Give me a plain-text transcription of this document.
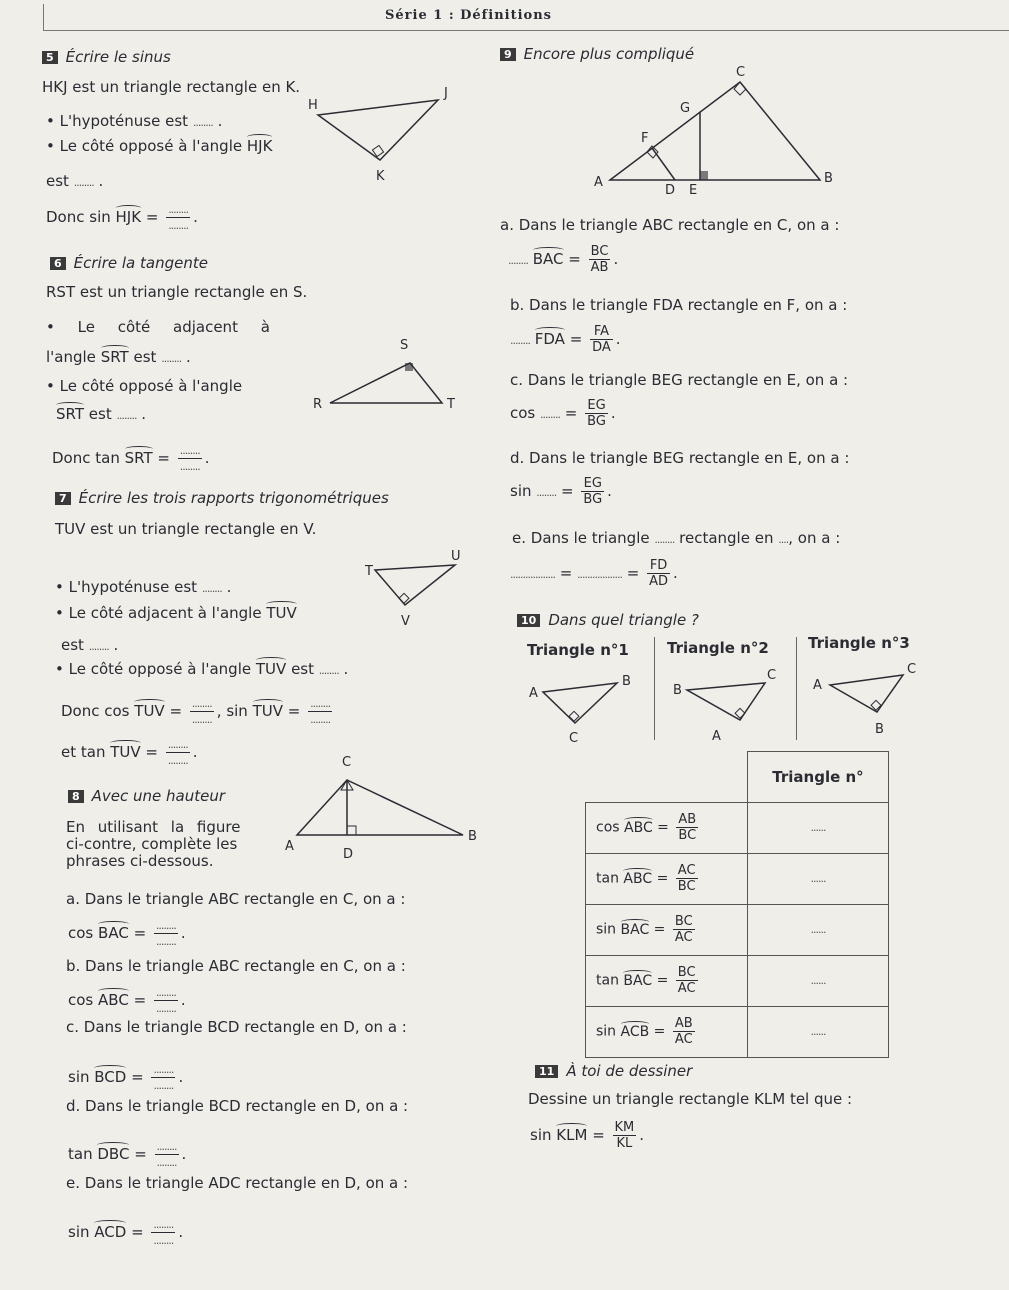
Série 1 : Définitions
5 Écrire le sinus
HKJ est un triangle rectangle en K.
• L'hypoténuse est ........ .
• Le côté opposé à l'angle HJK
est ........ .
Donc sin HJK = $\frac{........}{........}$ .
H
J
K
6 Écrire la tangente
RST est un triangle rectangle en S.
• Le côté adjacent à
l'angle SRT est ........ .
• Le côté opposé à l'angle
SRT est ........ .
Donc tan SRT = $\frac{........}{........}$ .
S
R	T
7 Écrire les trois rapports trigonométriques
TUV est un triangle rectangle en V.
• L'hypoténuse est ........ .
• Le côté adjacent à l'angle TUV
est ........ .
• Le côté opposé à l'angle TUV est ........ .
Donc cos TUV = $\frac{........}{........}$ , sin TUV = $\frac{........}{........}$
et tan TUV = $\frac{........}{........}$ .
T
U
V
8 Avec une hauteur
En utilisant la figure
ci-contre, complète les
phrases ci-dessous.
C
A
D
B
a. Dans le triangle ABC rectangle en C, on a :
cos BAC = $\frac{........}{........}$ .
b. Dans le triangle ABC rectangle en C, on a :
cos ABC = $\frac{........}{........}$ .
c. Dans le triangle BCD rectangle en D, on a :
sin BCD = $\frac{........}{........}$ .
d. Dans le triangle BCD rectangle en D, on a :
tan DBC = $\frac{........}{........}$ .
e. Dans le triangle ADC rectangle en D, on a :
sin ACD = $\frac{........}{........}$ .
9 Encore plus compliqué
C
G
F
A
D E
B
a. Dans le triangle ABC rectangle en C, on a :
........ BAC = $\frac{BC}{AB}$ .
b. Dans le triangle FDA rectangle en F, on a :
........ FDA = $\frac{FA}{DA}$ .
c. Dans le triangle BEG rectangle en E, on a :
cos ........ = $\frac{EG}{BG}$ .
d. Dans le triangle BEG rectangle en E, on a :
sin ........ = $\frac{EG}{BG}$ .
e. Dans le triangle ........ rectangle en ...., on a :
.................. = .................. = $\frac{FD}{AD}$ .
10 Dans quel triangle ?
Triangle n°1	Triangle n°2	Triangle n°3
A
B
C
B
C
A
A
C
B
	Triangle n°
cos ABC = $\frac{AB}{BC}$	......
tan ABC = $\frac{AC}{BC}$	......
sin BAC = $\frac{BC}{AC}$	......
tan BAC = $\frac{BC}{AC}$	......
sin ACB = $\frac{AB}{AC}$	......
11 À toi de dessiner
Dessine un triangle rectangle KLM tel que :
sin KLM = $\frac{KM}{KL}$ .
